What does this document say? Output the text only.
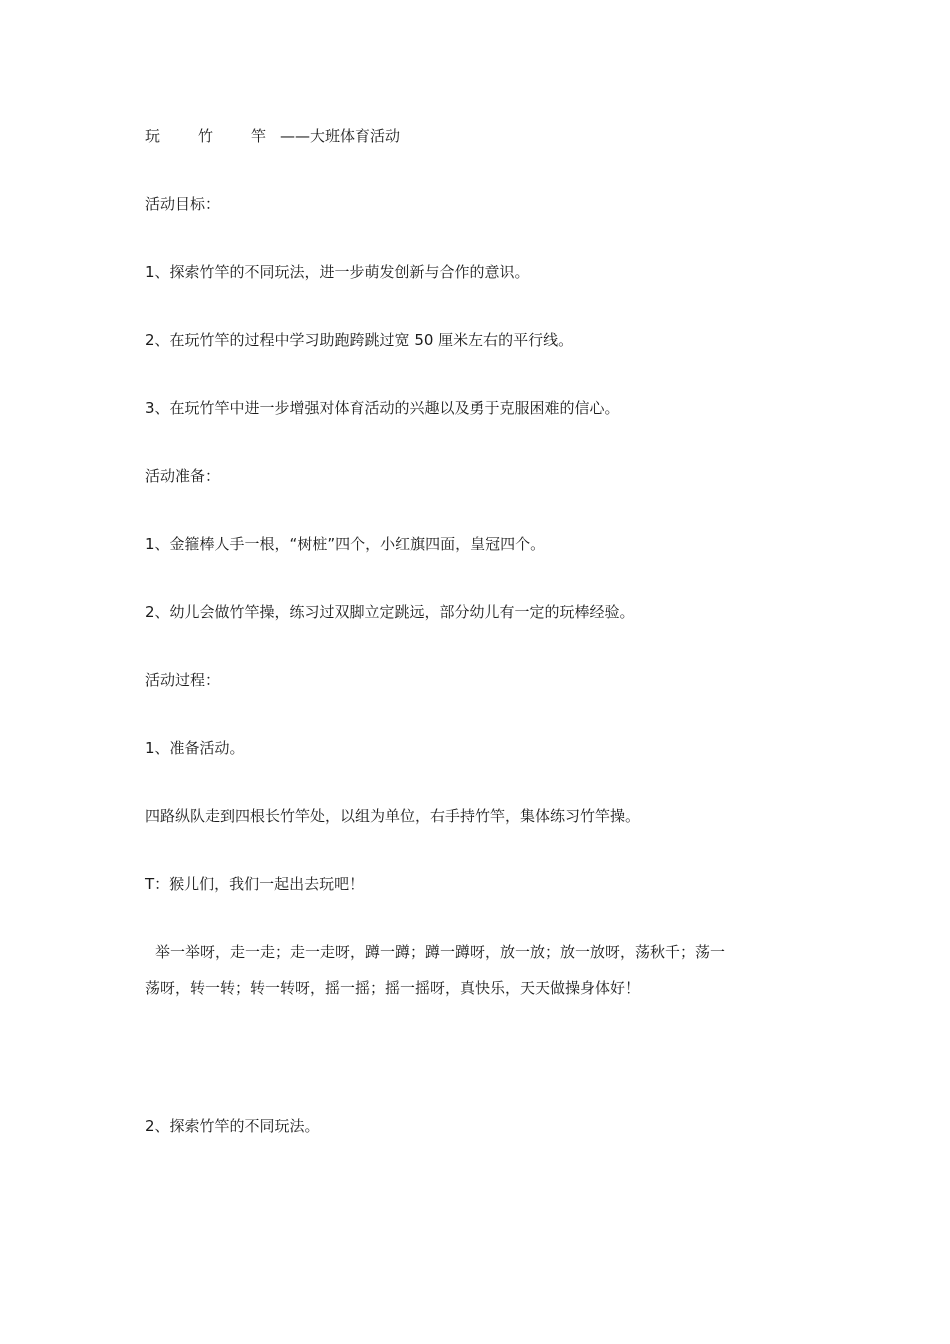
玩	竹	竿 ——大班体育活动

活动目标：

1、探索竹竿的不同玩法，进一步萌发创新与合作的意识。

2、在玩竹竿的过程中学习助跑跨跳过宽 50 厘米左右的平行线。

3、在玩竹竿中进一步增强对体育活动的兴趣以及勇于克服困难的信心。

活动准备：

1、金箍棒人手一根，“树桩”四个，小红旗四面，皇冠四个。

2、幼儿会做竹竿操，练习过双脚立定跳远，部分幼儿有一定的玩棒经验。

活动过程：

1、准备活动。

四路纵队走到四根长竹竿处，以组为单位，右手持竹竿，集体练习竹竿操。

T：猴儿们，我们一起出去玩吧！

举一举呀，走一走；走一走呀，蹲一蹲；蹲一蹲呀，放一放；放一放呀，荡秋千；荡一
荡呀，转一转；转一转呀，摇一摇；摇一摇呀，真快乐，天天做操身体好！

2、探索竹竿的不同玩法。
